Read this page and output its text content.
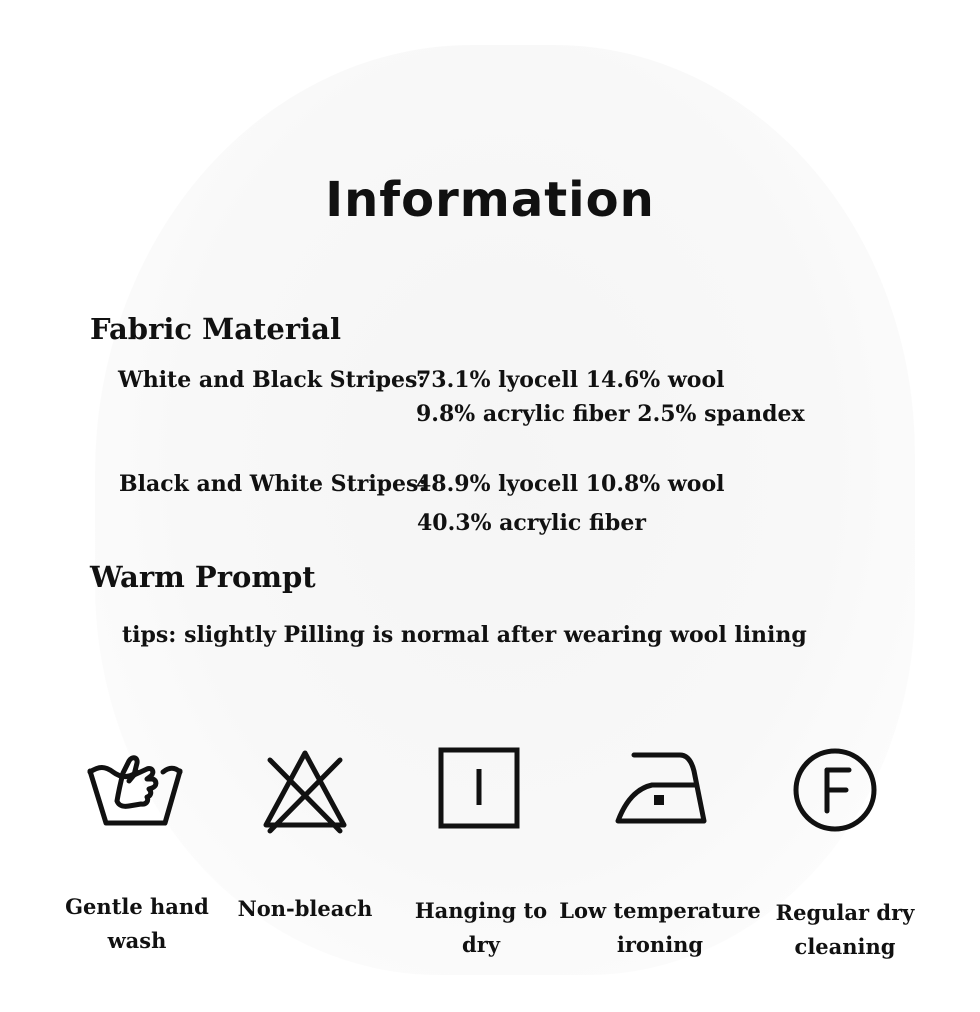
Information
Fabric Material
White and Black Stripes:
73.1% lyocell 14.6% wool
9.8% acrylic fiber 2.5% spandex
Black and White Stripes:
48.9% lyocell 10.8% wool
40.3% acrylic fiber
Warm Prompt
tips: slightly Pilling is normal after wearing wool lining
Gentle hand
wash
Non-bleach	Hanging to
dry
Low temperature
ironing
Regular dry
cleaning
